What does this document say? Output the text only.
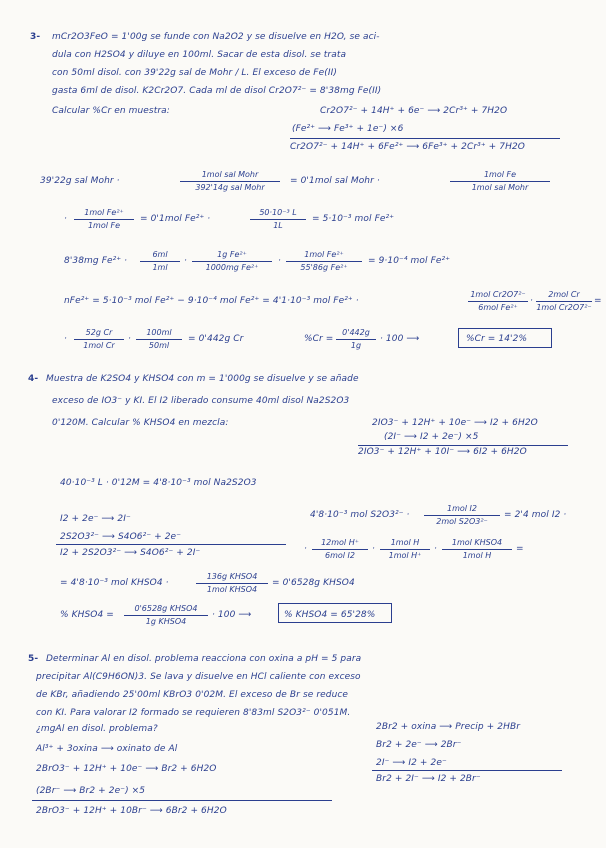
3- mCr2O3FeO = 1'00g se funde con Na2O2 y se disuelve en H2O, se aci-
dula con H2SO4 y diluye en 100ml. Sacar de esta disol. se trata
con 50ml disol. con 39'22g sal de Mohr / L. El exceso de Fe(II)
gasta 6ml de disol. K2Cr2O7. Cada ml de disol Cr2O7²⁻ = 8'38mg Fe(II)
Calcular %Cr en muestra:	Cr2O7²⁻ + 14H⁺ + 6e⁻ ⟶ 2Cr³⁺ + 7H2O
(Fe²⁺ ⟶ Fe³⁺ + 1e⁻) ×6
Cr2O7²⁻ + 14H⁺ + 6Fe²⁺ ⟶ 6Fe³⁺ + 2Cr³⁺ + 7H2O
39'22g sal Mohr ·
1mol sal Mohr
392'14g sal Mohr
= 0'1mol sal Mohr ·
1mol Fe
1mol sal Mohr
·
1mol Fe²⁺
1mol Fe
= 0'1mol Fe²⁺ ·
50·10⁻³ L
1L
= 5·10⁻³ mol Fe²⁺
8'38mg Fe²⁺ ·
6ml
1ml
·
1g Fe²⁺
1000mg Fe²⁺
·
1mol Fe²⁺
55'86g Fe²⁺
= 9·10⁻⁴ mol Fe²⁺
nFe²⁺ = 5·10⁻³ mol Fe²⁺ − 9·10⁻⁴ mol Fe²⁺ = 4'1·10⁻³ mol Fe²⁺ ·
1mol Cr2O7²⁻
6mol Fe²⁺
·
2mol Cr
1mol Cr2O7²⁻
=
·
52g Cr
1mol Cr
·
100ml
50ml
= 0'442g Cr	%Cr =
0'442g
1g
· 100 ⟶	%Cr = 14'2%
4- Muestra de K2SO4 y KHSO4 con m = 1'000g se disuelve y se añade
exceso de IO3⁻ y KI. El I2 liberado consume 40ml disol Na2S2O3
0'120M. Calcular % KHSO4 en mezcla:	2IO3⁻ + 12H⁺ + 10e⁻ ⟶ I2 + 6H2O
(2I⁻ ⟶ I2 + 2e⁻) ×5
2IO3⁻ + 12H⁺ + 10I⁻ ⟶ 6I2 + 6H2O
40·10⁻³ L · 0'12M = 4'8·10⁻³ mol Na2S2O3
I2 + 2e⁻ ⟶ 2I⁻
2S2O3²⁻ ⟶ S4O6²⁻ + 2e⁻
I2 + 2S2O3²⁻ ⟶ S4O6²⁻ + 2I⁻
4'8·10⁻³ mol S2O3²⁻ ·
1mol I2
2mol S2O3²⁻
= 2'4 mol I2 ·
·
12mol H⁺
6mol I2
·
1mol H
1mol H⁺
·
1mol KHSO4
1mol H
=
= 4'8·10⁻³ mol KHSO4 ·
136g KHSO4
1mol KHSO4
= 0'6528g KHSO4
% KHSO4 =
0'6528g KHSO4
1g KHSO4
· 100 ⟶	% KHSO4 = 65'28%
5- Determinar Al en disol. problema reacciona con oxina a pH = 5 para
precipitar Al(C9H6ON)3. Se lava y disuelve en HCl caliente con exceso
de KBr, añadiendo 25'00ml KBrO3 0'02M. El exceso de Br se reduce
con KI. Para valorar I2 formado se requieren 8'83ml S2O3²⁻ 0'051M.
¿mgAl en disol. problema?	2Br2 + oxina ⟶ Precip + 2HBr
Br2 + 2e⁻ ⟶ 2Br⁻
2I⁻ ⟶ I2 + 2e⁻
Br2 + 2I⁻ ⟶ I2 + 2Br⁻
Al³⁺ + 3oxina ⟶ oxinato de Al
2BrO3⁻ + 12H⁺ + 10e⁻ ⟶ Br2 + 6H2O
(2Br⁻ ⟶ Br2 + 2e⁻) ×5
2BrO3⁻ + 12H⁺ + 10Br⁻ ⟶ 6Br2 + 6H2O
